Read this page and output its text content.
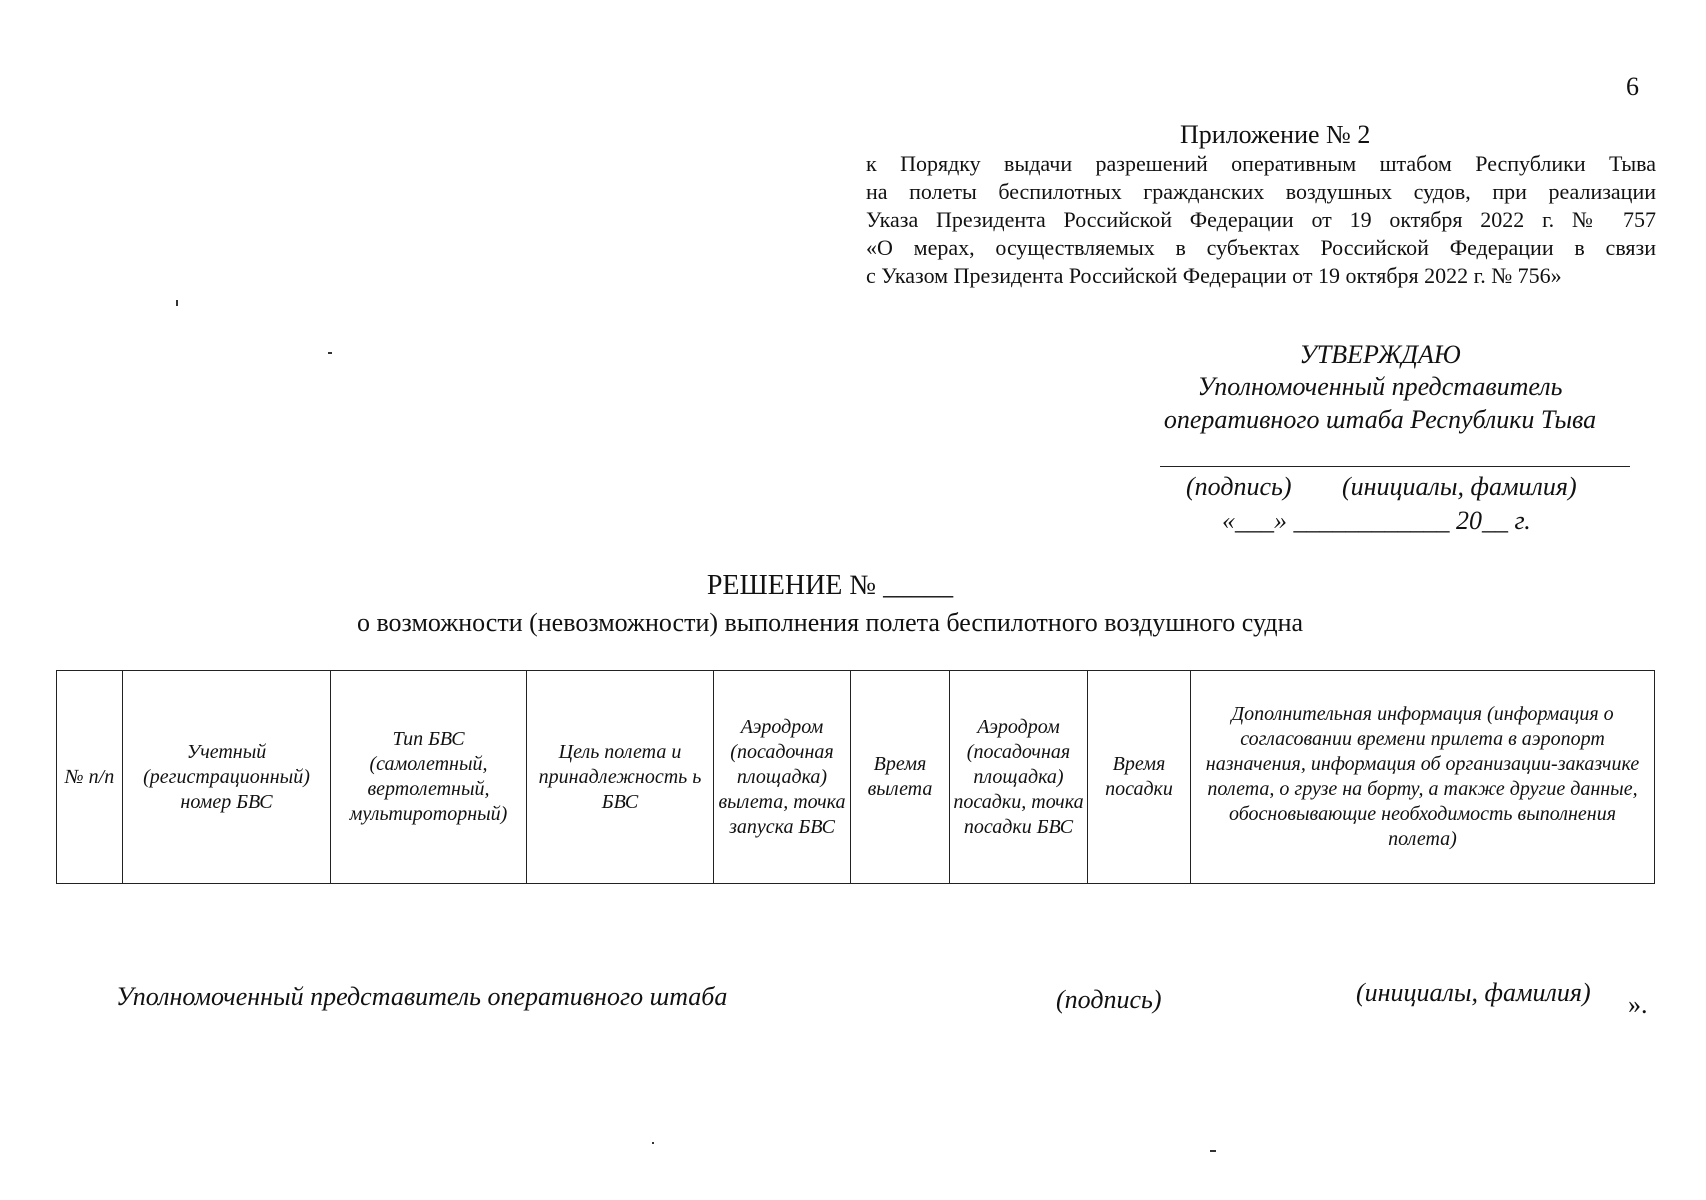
6
Приложение № 2
к Порядку выдачи разрешений оперативным штабом Республики Тыва
на полеты беспилотных гражданских воздушных судов, при реализации
Указа Президента Российской Федерации от 19 октября 2022 г. № 757
«О мерах, осуществляемых в субъектах Российской Федерации в связи
с Указом Президента Российской Федерации от 19 октября 2022 г. № 756»
УТВЕРЖДАЮ
Уполномоченный представитель
оперативного штаба Республики Тыва
(подпись) (инициалы, фамилия)
«___» ____________ 20__ г.
РЕШЕНИЕ № _____
о возможности (невозможности) выполнения полета беспилотного воздушного судна
№ п/п	Учетный (регистрационный) номер БВС	Тип БВС (самолетный, вертолетный, мультироторный)	Цель полета и принадлежность ь БВС	Аэродром (посадочная площадка) вылета, точка запуска БВС	Время вылета	Аэродром (посадочная площадка) посадки, точка посадки БВС	Время посадки	Дополнительная информация (информация о согласовании времени прилета в аэропорт назначения, информация об организации-заказчике полета, о грузе на борту, а также другие данные, обосновывающие необходимость выполнения полета)
Уполномоченный представитель оперативного штаба	(подпись)	(инициалы, фамилия) ».
